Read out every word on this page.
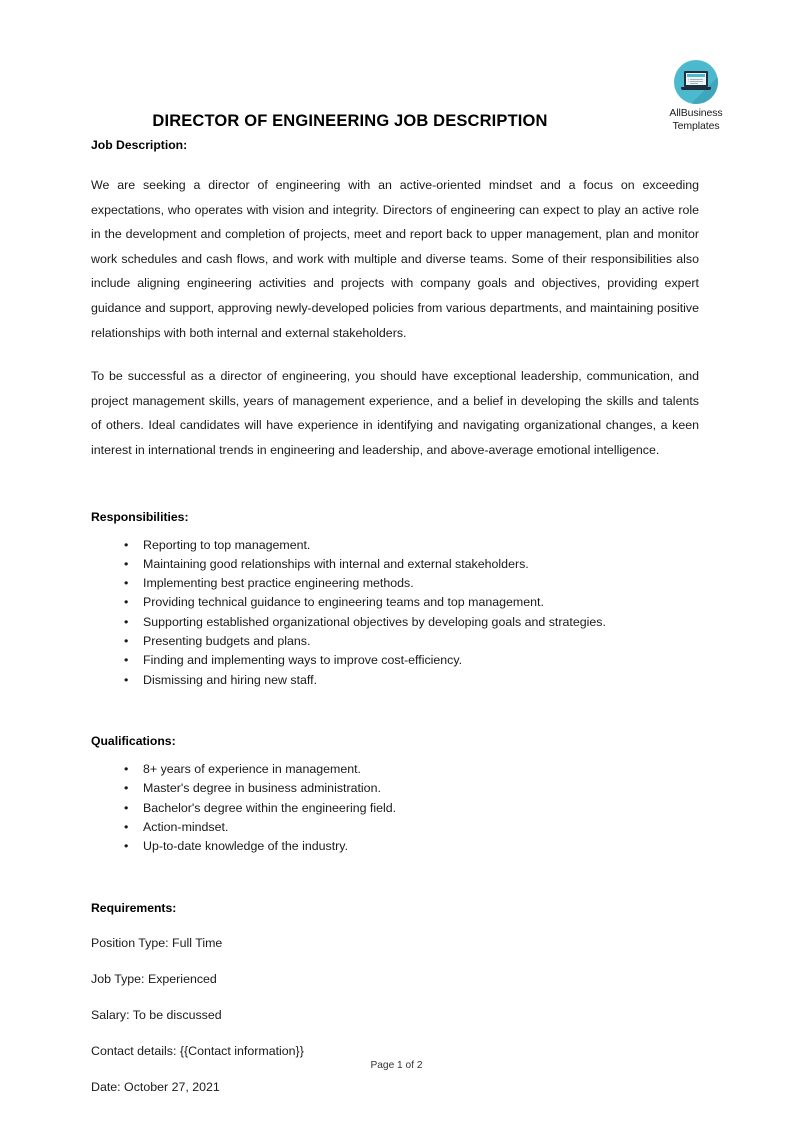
AllBusiness
Templates
DIRECTOR OF ENGINEERING JOB DESCRIPTION
Job Description:

We are seeking a director of engineering with an active-oriented mindset and a focus on exceeding expectations, who operates with vision and integrity. Directors of engineering can expect to play an active role in the development and completion of projects, meet and report back to upper management, plan and monitor work schedules and cash flows, and work with multiple and diverse teams. Some of their responsibilities also include aligning engineering activities and projects with company goals and objectives, providing expert guidance and support, approving newly-developed policies from various departments, and maintaining positive relationships with both internal and external stakeholders.

To be successful as a director of engineering, you should have exceptional leadership, communication, and project management skills, years of management experience, and a belief in developing the skills and talents of others. Ideal candidates will have experience in identifying and navigating organizational changes, a keen interest in international trends in engineering and leadership, and above-average emotional intelligence.

Responsibilities:
• Reporting to top management.
• Maintaining good relationships with internal and external stakeholders.
• Implementing best practice engineering methods.
• Providing technical guidance to engineering teams and top management.
• Supporting established organizational objectives by developing goals and strategies.
• Presenting budgets and plans.
• Finding and implementing ways to improve cost-efficiency.
• Dismissing and hiring new staff.
Qualifications:
• 8+ years of experience in management.
• Master's degree in business administration.
• Bachelor's degree within the engineering field.
• Action-mindset.
• Up-to-date knowledge of the industry.
Requirements:

Position Type: Full Time

Job Type: Experienced

Salary: To be discussed

Contact details: {{Contact information}}

Date: October 27, 2021

Page 1 of 2
